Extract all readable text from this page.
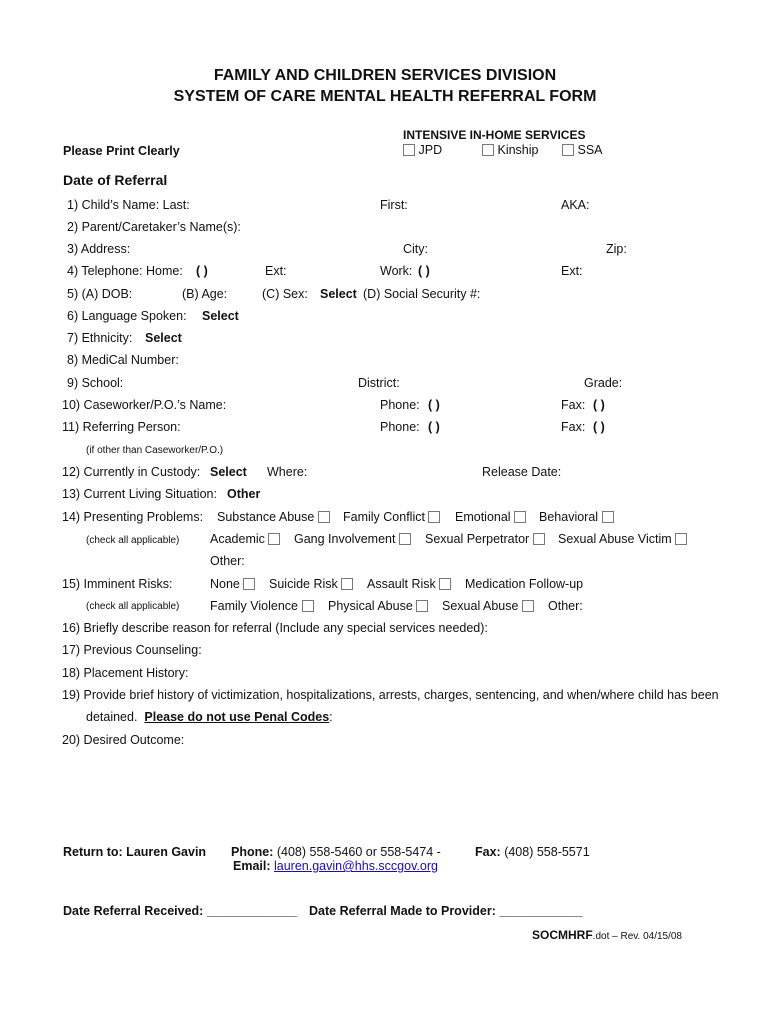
FAMILY AND CHILDREN SERVICES DIVISION
SYSTEM OF CARE MENTAL HEALTH REFERRAL FORM
INTENSIVE IN-HOME SERVICES
Please Print Clearly	JPD	Kinship	SSA
Date of Referral
1) Child’s Name: Last:	First:	AKA:
2) Parent/Caretaker’s Name(s):
3) Address:	City:	Zip:
4) Telephone: Home: ( )	Ext:	Work: ( )	Ext:
5) (A) DOB:	(B) Age:	(C) Sex: Select (D) Social Security #:
6) Language Spoken: Select
7) Ethnicity: Select
8) MediCal Number:
9) School:	District:	Grade:
10) Caseworker/P.O.’s Name:	Phone: ( )	Fax: ( )
11) Referring Person:	Phone: ( )	Fax: ( )
(if other than Caseworker/P.O.)
12) Currently in Custody: Select Where:	Release Date:
13) Current Living Situation: Other
14) Presenting Problems: Substance Abuse	Family Conflict	Emotional	Behavioral
(check all applicable) Academic	Gang Involvement	Sexual Perpetrator	Sexual Abuse Victim
Other:
15) Imminent Risks:	None	Suicide Risk	Assault Risk	Medication Follow-up
(check all applicable) Family Violence	Physical Abuse	Sexual Abuse	Other:
16) Briefly describe reason for referral (Include any special services needed):
17) Previous Counseling:
18) Placement History:
19) Provide brief history of victimization, hospitalizations, arrests, charges, sentencing, and when/where child has been
detained. Please do not use Penal Codes:
20) Desired Outcome:
Return to: Lauren Gavin Phone: (408) 558-5460 or 558-5474 -	Fax: (408) 558-5571
Email: lauren.gavin@hhs.sccgov.org
Date Referral Received: _____________ Date Referral Made to Provider: ____________
SOCMHRF.dot – Rev. 04/15/08
